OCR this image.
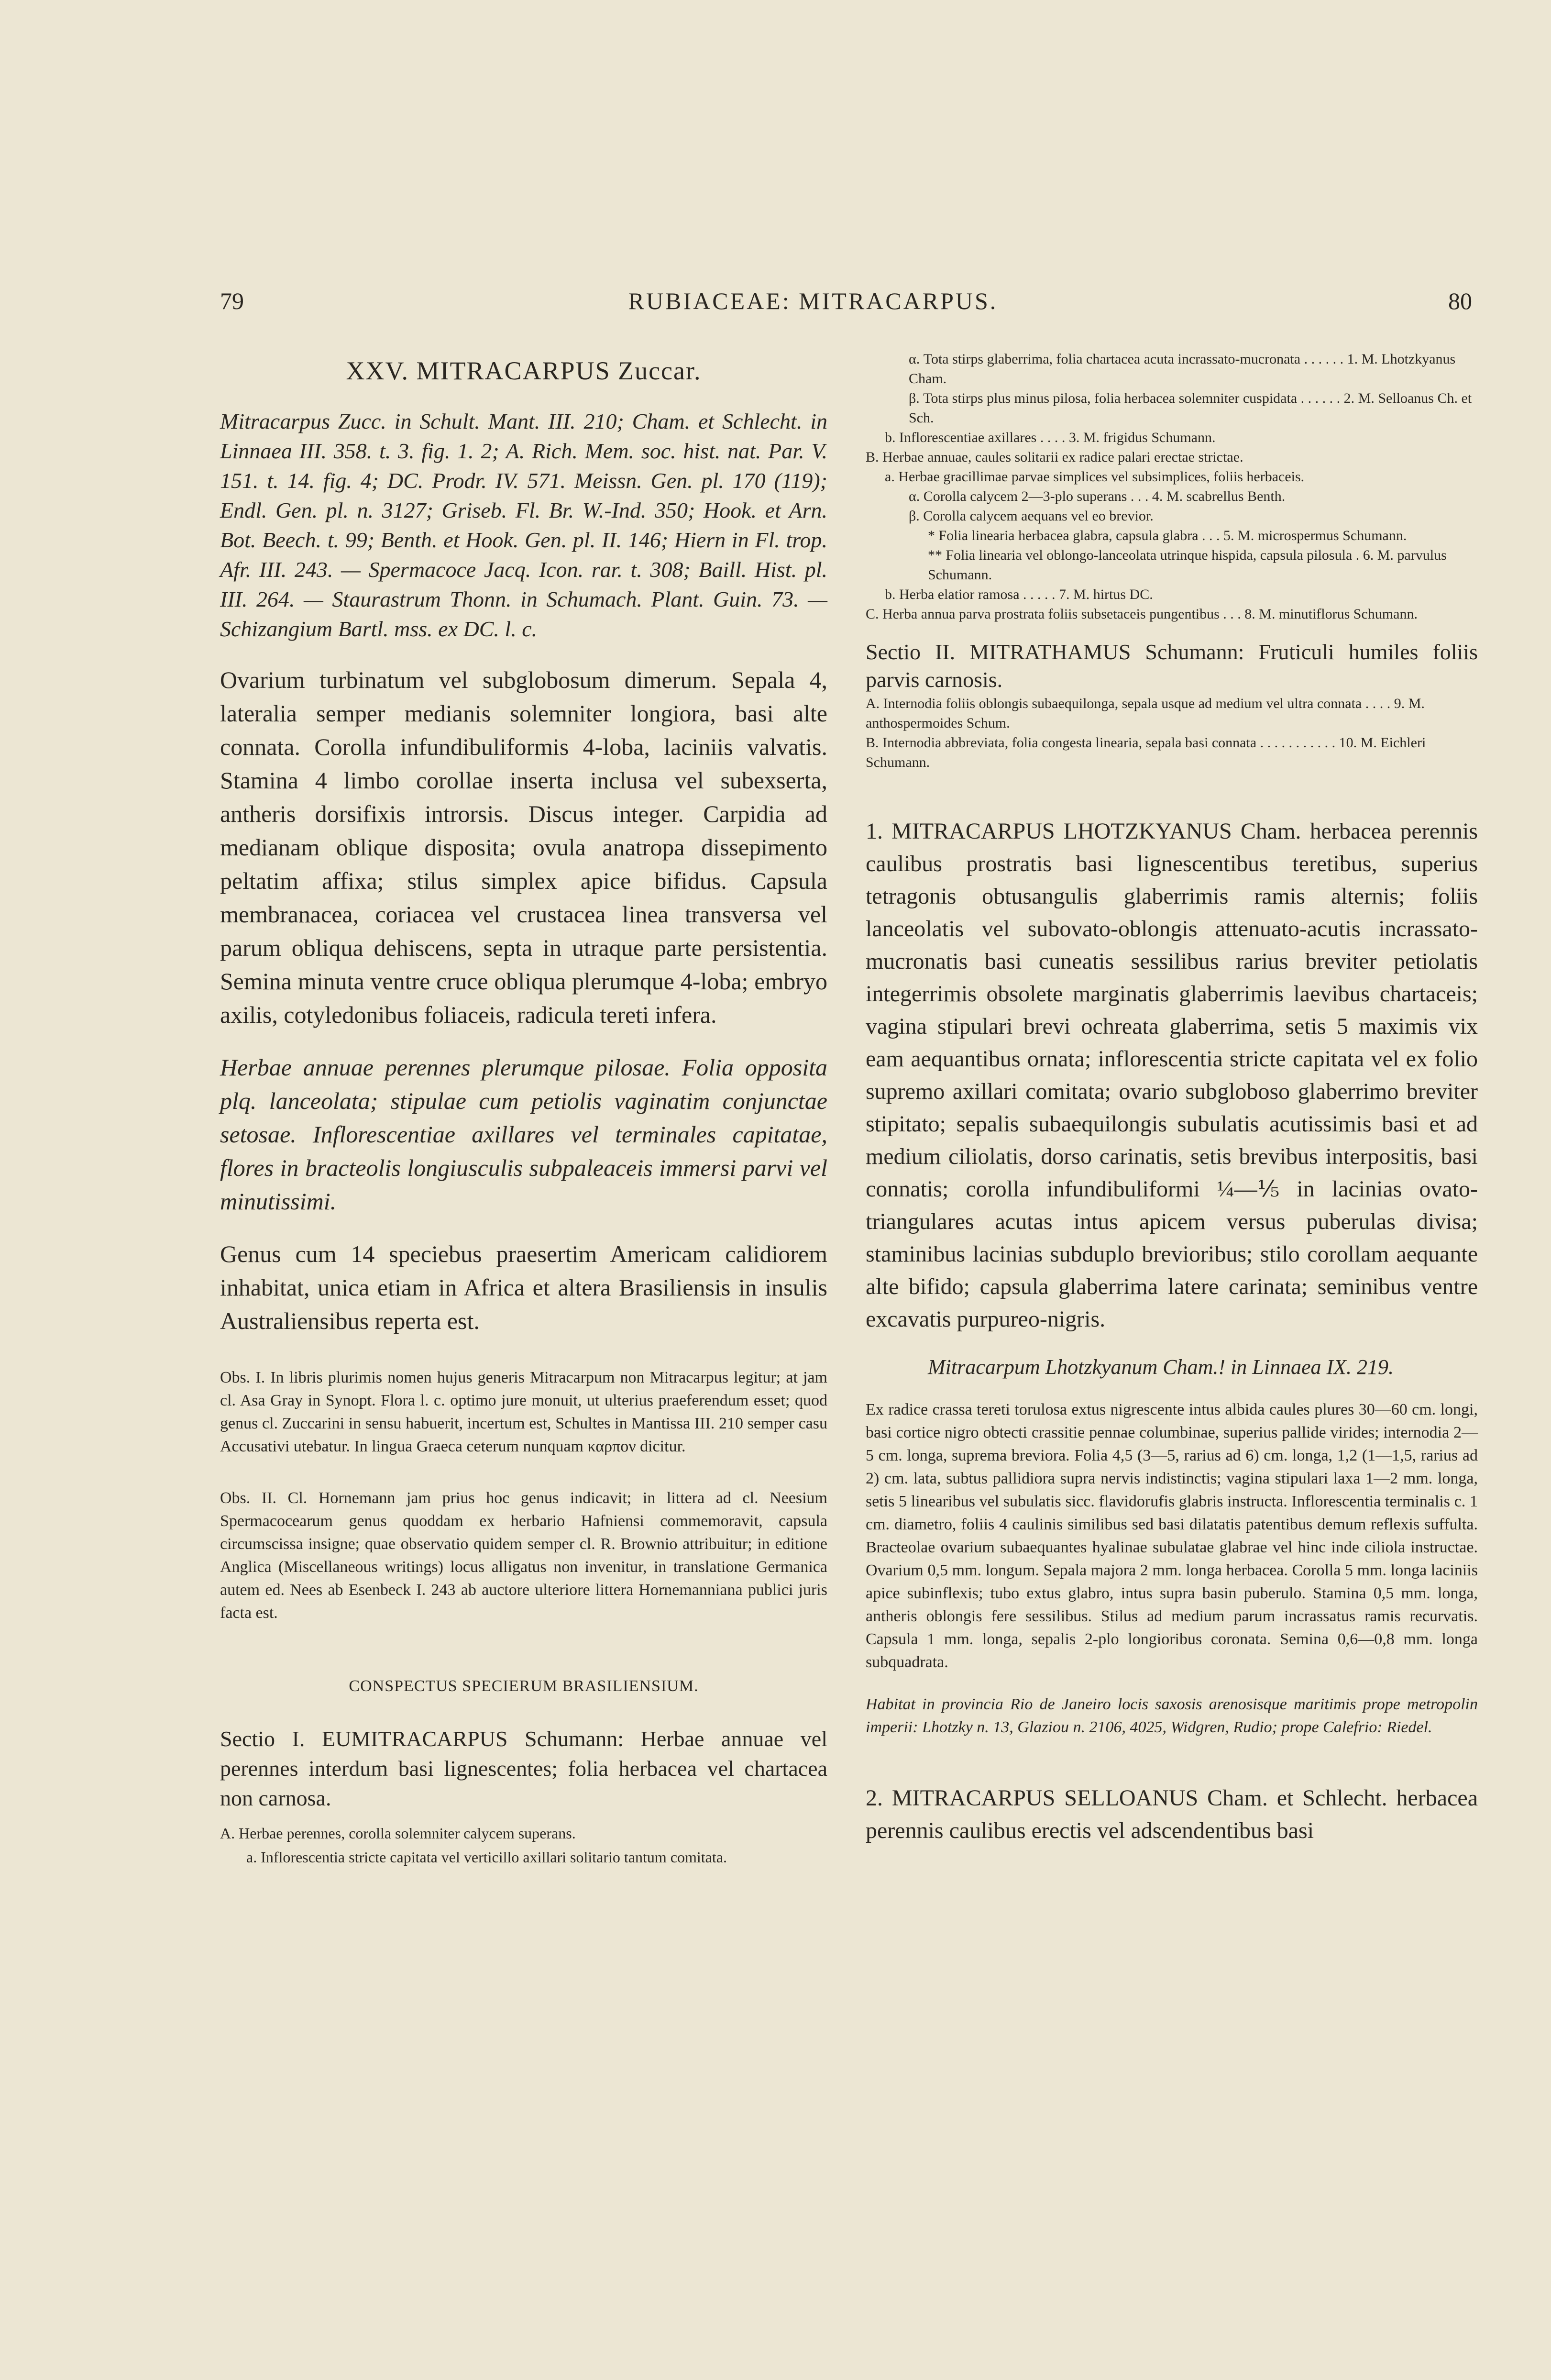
79	RUBIACEAE: MITRACARPUS.	80

XXV. MITRACARPUS Zuccar.

Mitracarpus Zucc. in Schult. Mant. III. 210; Cham. et Schlecht. in Linnaea III. 358. t. 3. fig. 1. 2; A. Rich. Mem. soc. hist. nat. Par. V. 151. t. 14. fig. 4; DC. Prodr. IV. 571. Meissn. Gen. pl. 170 (119); Endl. Gen. pl. n. 3127; Griseb. Fl. Br. W.-Ind. 350; Hook. et Arn. Bot. Beech. t. 99; Benth. et Hook. Gen. pl. II. 146; Hiern in Fl. trop. Afr. III. 243. — Spermacoce Jacq. Icon. rar. t. 308; Baill. Hist. pl. III. 264. — Staurastrum Thonn. in Schumach. Plant. Guin. 73. — Schizangium Bartl. mss. ex DC. l. c.

Ovarium turbinatum vel subglobosum dimerum. Sepala 4, lateralia semper medianis solemniter longiora, basi alte connata. Corolla infundibuliformis 4-loba, laciniis valvatis. Stamina 4 limbo corollae inserta inclusa vel subexserta, antheris dorsifixis introrsis. Discus integer. Carpidia ad medianam oblique disposita; ovula anatropa dissepimento peltatim affixa; stilus simplex apice bifidus. Capsula membranacea, coriacea vel crustacea linea transversa vel parum obliqua dehiscens, septa in utraque parte persistentia. Semina minuta ventre cruce obliqua plerumque 4-loba; embryo axilis, cotyledonibus foliaceis, radicula tereti infera.

Herbae annuae perennes plerumque pilosae. Folia opposita plq. lanceolata; stipulae cum petiolis vaginatim conjunctae setosae. Inflorescentiae axillares vel terminales capitatae, flores in bracteolis longiusculis subpaleaceis immersi parvi vel minutissimi.

Genus cum 14 speciebus praesertim Americam calidiorem inhabitat, unica etiam in Africa et altera Brasiliensis in insulis Australiensibus reperta est.

Obs. I. In libris plurimis nomen hujus generis Mitracarpum non Mitracarpus legitur; at jam cl. Asa Gray in Synopt. Flora l. c. optimo jure monuit, ut ulterius praeferendum esset; quod genus cl. Zuccarini in sensu habuerit, incertum est, Schultes in Mantissa III. 210 semper casu Accusativi utebatur. In lingua Graeca ceterum nunquam καρπον dicitur.

Obs. II. Cl. Hornemann jam prius hoc genus indicavit; in littera ad cl. Neesium Spermacocearum genus quoddam ex herbario Hafniensi commemoravit, capsula circumscissa insigne; quae observatio quidem semper cl. R. Brownio attribuitur; in editione Anglica (Miscellaneous writings) locus alligatus non invenitur, in translatione Germanica autem ed. Nees ab Esenbeck I. 243 ab auctore ulteriore littera Hornemanniana publici juris facta est.

CONSPECTUS SPECIERUM BRASILIENSIUM.

Sectio I. EUMITRACARPUS Schumann: Herbae annuae vel perennes interdum basi lignescentes; folia herbacea vel chartacea non carnosa.

A. Herbae perennes, corolla solemniter calycem superans.

a. Inflorescentia stricte capitata vel verticillo axillari solitario tantum comitata.

α. Tota stirps glaberrima, folia chartacea acuta incrassato-mucronata . . . . . . 1. M. Lhotzkyanus Cham.

β. Tota stirps plus minus pilosa, folia herbacea solemniter cuspidata . . . . . . 2. M. Selloanus Ch. et Sch.

b. Inflorescentiae axillares . . . . 3. M. frigidus Schumann.

B. Herbae annuae, caules solitarii ex radice palari erectae strictae.

a. Herbae gracillimae parvae simplices vel subsimplices, foliis herbaceis.

α. Corolla calycem 2—3-plo superans . . . 4. M. scabrellus Benth.

β. Corolla calycem aequans vel eo brevior.

* Folia linearia herbacea glabra, capsula glabra . . . 5. M. microspermus Schumann.

** Folia linearia vel oblongo-lanceolata utrinque hispida, capsula pilosula . 6. M. parvulus Schumann.

b. Herba elatior ramosa . . . . . 7. M. hirtus DC.

C. Herba annua parva prostrata foliis subsetaceis pungentibus . . . 8. M. minutiflorus Schumann.

Sectio II. MITRATHAMUS Schumann: Fruticuli humiles foliis parvis carnosis.

A. Internodia foliis oblongis subaequilonga, sepala usque ad medium vel ultra connata . . . . 9. M. anthospermoides Schum.

B. Internodia abbreviata, folia congesta linearia, sepala basi connata . . . . . . . . . . . 10. M. Eichleri Schumann.

1. MITRACARPUS LHOTZKYANUS Cham. herbacea perennis caulibus prostratis basi lignescentibus teretibus, superius tetragonis obtusangulis glaberrimis ramis alternis; foliis lanceolatis vel subovato-oblongis attenuato-acutis incrassato-mucronatis basi cuneatis sessilibus rarius breviter petiolatis integerrimis obsolete marginatis glaberrimis laevibus chartaceis; vagina stipulari brevi ochreata glaberrima, setis 5 maximis vix eam aequantibus ornata; inflorescentia stricte capitata vel ex folio supremo axillari comitata; ovario subgloboso glaberrimo breviter stipitato; sepalis subaequilongis subulatis acutissimis basi et ad medium ciliolatis, dorso carinatis, setis brevibus interpositis, basi connatis; corolla infundibuliformi ¼—⅕ in lacinias ovato-triangulares acutas intus apicem versus puberulas divisa; staminibus lacinias subduplo brevioribus; stilo corollam aequante alte bifido; capsula glaberrima latere carinata; seminibus ventre excavatis purpureo-nigris.

Mitracarpum Lhotzkyanum Cham.! in Linnaea IX. 219.

Ex radice crassa tereti torulosa extus nigrescente intus albida caules plures 30—60 cm. longi, basi cortice nigro obtecti crassitie pennae columbinae, superius pallide virides; internodia 2—5 cm. longa, suprema breviora. Folia 4,5 (3—5, rarius ad 6) cm. longa, 1,2 (1—1,5, rarius ad 2) cm. lata, subtus pallidiora supra nervis indistinctis; vagina stipulari laxa 1—2 mm. longa, setis 5 linearibus vel subulatis sicc. flavidorufis glabris instructa. Inflorescentia terminalis c. 1 cm. diametro, foliis 4 caulinis similibus sed basi dilatatis patentibus demum reflexis suffulta. Bracteolae ovarium subaequantes hyalinae subulatae glabrae vel hinc inde ciliola instructae. Ovarium 0,5 mm. longum. Sepala majora 2 mm. longa herbacea. Corolla 5 mm. longa laciniis apice subinflexis; tubo extus glabro, intus supra basin puberulo. Stamina 0,5 mm. longa, antheris oblongis fere sessilibus. Stilus ad medium parum incrassatus ramis recurvatis. Capsula 1 mm. longa, sepalis 2-plo longioribus coronata. Semina 0,6—0,8 mm. longa subquadrata.

Habitat in provincia Rio de Janeiro locis saxosis arenosisque maritimis prope metropolin imperii: Lhotzky n. 13, Glaziou n. 2106, 4025, Widgren, Rudio; prope Calefrio: Riedel.

2. MITRACARPUS SELLOANUS Cham. et Schlecht. herbacea perennis caulibus erectis vel adscendentibus basi
